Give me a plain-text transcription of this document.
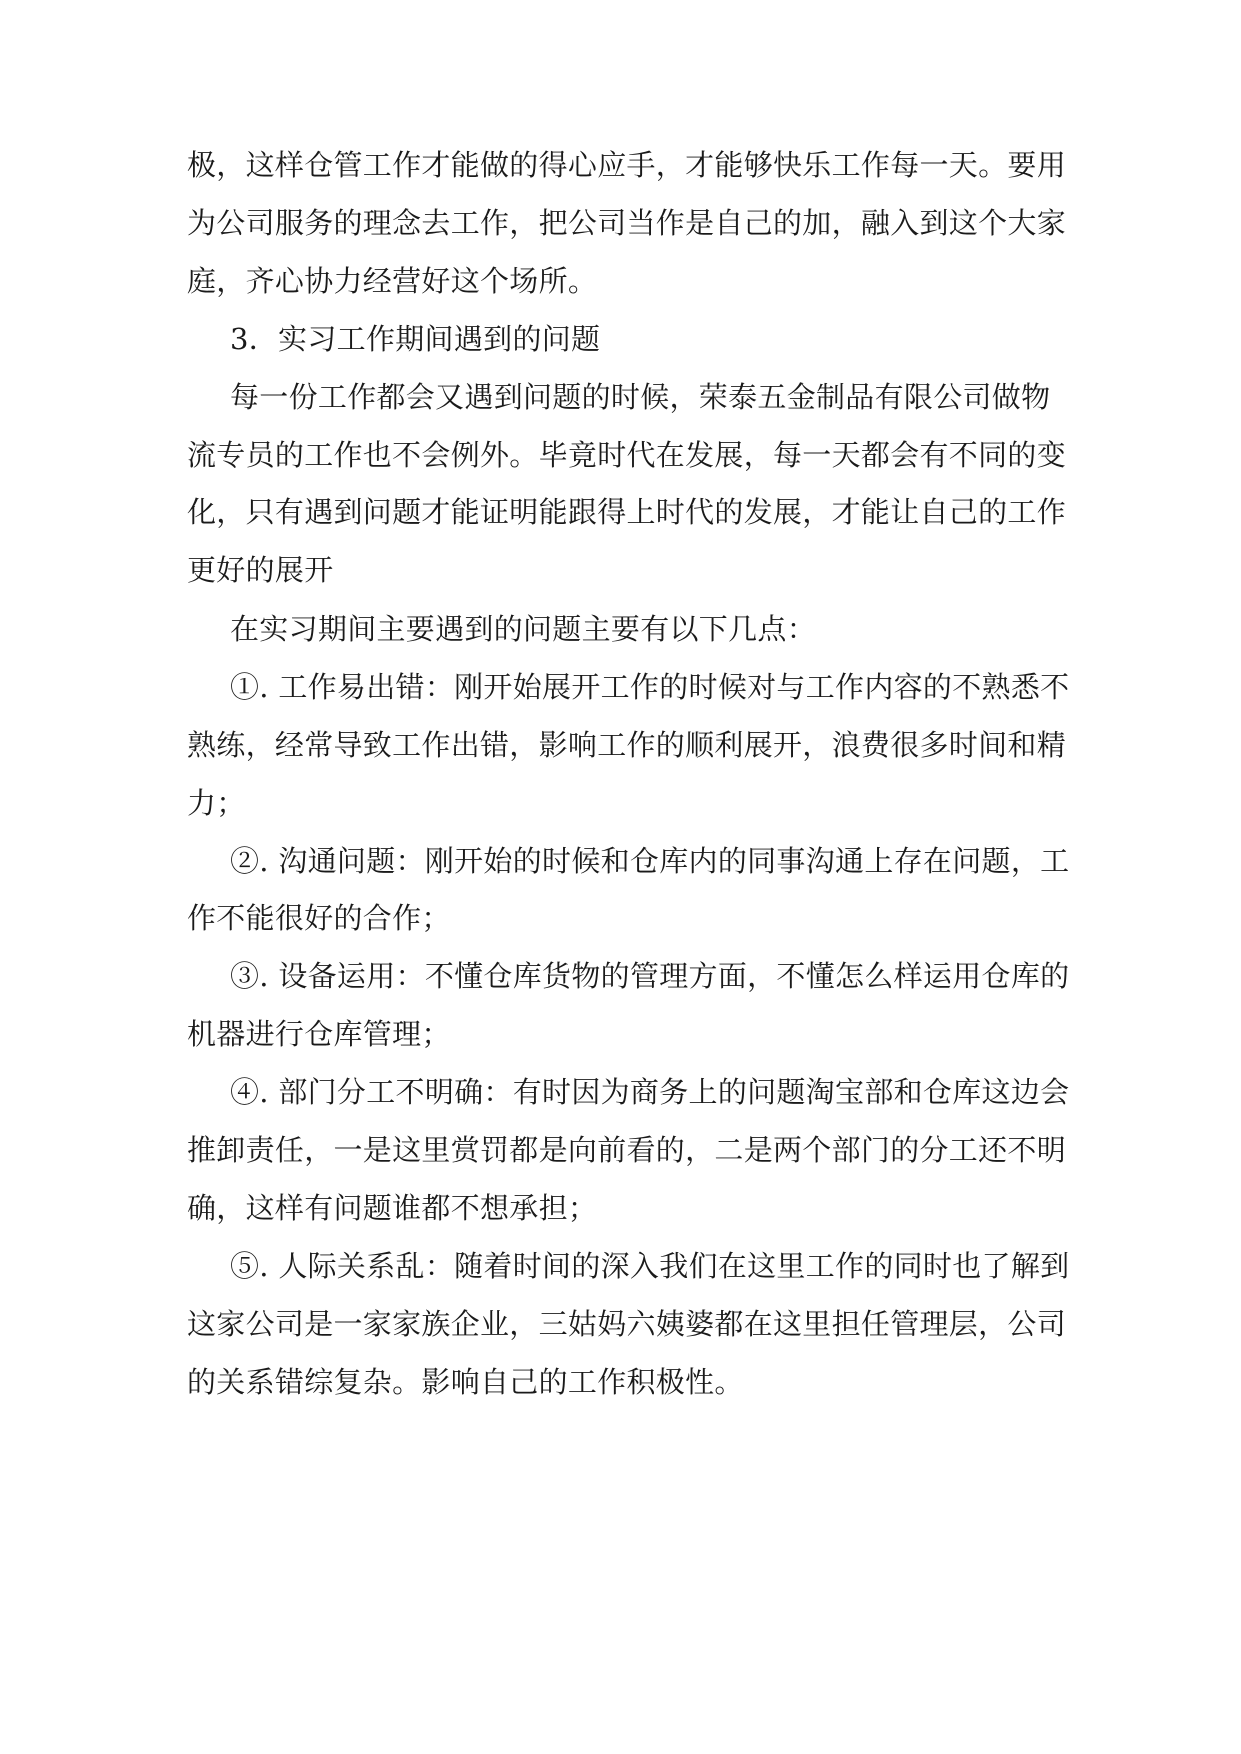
极，这样仓管工作才能做的得心应手，才能够快乐工作每一天。要用
为公司服务的理念去工作，把公司当作是自己的加，融入到这个大家
庭，齐心协力经营好这个场所。
3．实习工作期间遇到的问题
每一份工作都会又遇到问题的时候，荣泰五金制品有限公司做物
流专员的工作也不会例外。毕竟时代在发展，每一天都会有不同的变
化，只有遇到问题才能证明能跟得上时代的发展，才能让自己的工作
更好的展开
在实习期间主要遇到的问题主要有以下几点：
①. 工作易出错：刚开始展开工作的时候对与工作内容的不熟悉不
熟练，经常导致工作出错，影响工作的顺利展开，浪费很多时间和精
力；
②. 沟通问题：刚开始的时候和仓库内的同事沟通上存在问题，工
作不能很好的合作；
③. 设备运用：不懂仓库货物的管理方面，不懂怎么样运用仓库的
机器进行仓库管理；
④. 部门分工不明确：有时因为商务上的问题淘宝部和仓库这边会
推卸责任，一是这里赏罚都是向前看的，二是两个部门的分工还不明
确，这样有问题谁都不想承担；
⑤. 人际关系乱：随着时间的深入我们在这里工作的同时也了解到
这家公司是一家家族企业，三姑妈六姨婆都在这里担任管理层，公司
的关系错综复杂。影响自己的工作积极性。
